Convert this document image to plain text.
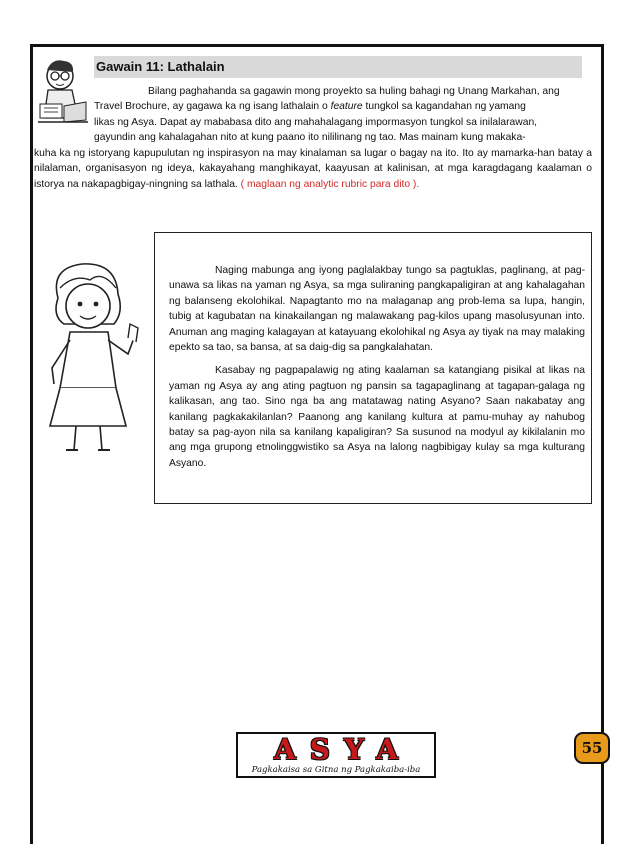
Gawain 11: Lathalain

Bilang paghahanda sa gagawin mong proyekto sa huling bahagi ng Unang Markahan, ang

Travel Brochure, ay gagawa ka ng isang lathalain o feature tungkol sa kagandahan ng yamang

likas ng Asya. Dapat ay mababasa dito ang mahahalagang impormasyon tungkol sa inilalarawan,

gayundin ang kahalagahan nito at kung paano ito nililinang ng tao. Mas mainam kung makaka-

kuha ka ng istoryang kapupulutan ng inspirasyon na may kinalaman sa lugar o bagay na ito. Ito ay mamarka-han batay a nilalaman, organisasyon ng ideya, kakayahang manghikayat, kaayusan at kalinisan, at mga karagdagang kaalaman o istorya na nakapagbigay-ningning sa lathala. ( maglaan ng analytic rubric para dito ).

Naging mabunga ang iyong paglalakbay tungo sa pagtuklas, paglinang, at pag-unawa sa likas na yaman ng Asya, sa mga suliraning pangkapaligiran at ang kahalagahan ng balanseng ekolohikal. Napagtanto mo na malaganap ang prob-lema sa lupa, hangin, tubig at kagubatan na kinakailangan ng malawakang pag-kilos upang masolusyunan into. Anuman ang maging kalagayan at katayuang ekolohikal ng Asya ay tiyak na may malaking epekto sa tao, sa bansa, at sa daig-dig sa pangkalahatan.

Kasabay ng pagpapalawig ng ating kaalaman sa katangiang pisikal at likas na yaman ng Asya ay ang ating pagtuon ng pansin sa tagapaglinang at tagapan-galaga ng kalikasan, ang tao. Sino nga ba ang matatawag nating Asyano? Saan nakabatay ang kanilang pagkakakilanlan? Paanong ang kanilang kultura at pamu-muhay ay nahubog batay sa pag-ayon nila sa kanilang kapaligiran? Sa susunod na modyul ay kikilalanin mo ang mga grupong etnolinggwistiko sa Asya na lalong nagbibigay kulay sa mga kulturang Asyano.

ASYA
Pagkakaisa sa Gitna ng Pagkakaiba-iba
55
